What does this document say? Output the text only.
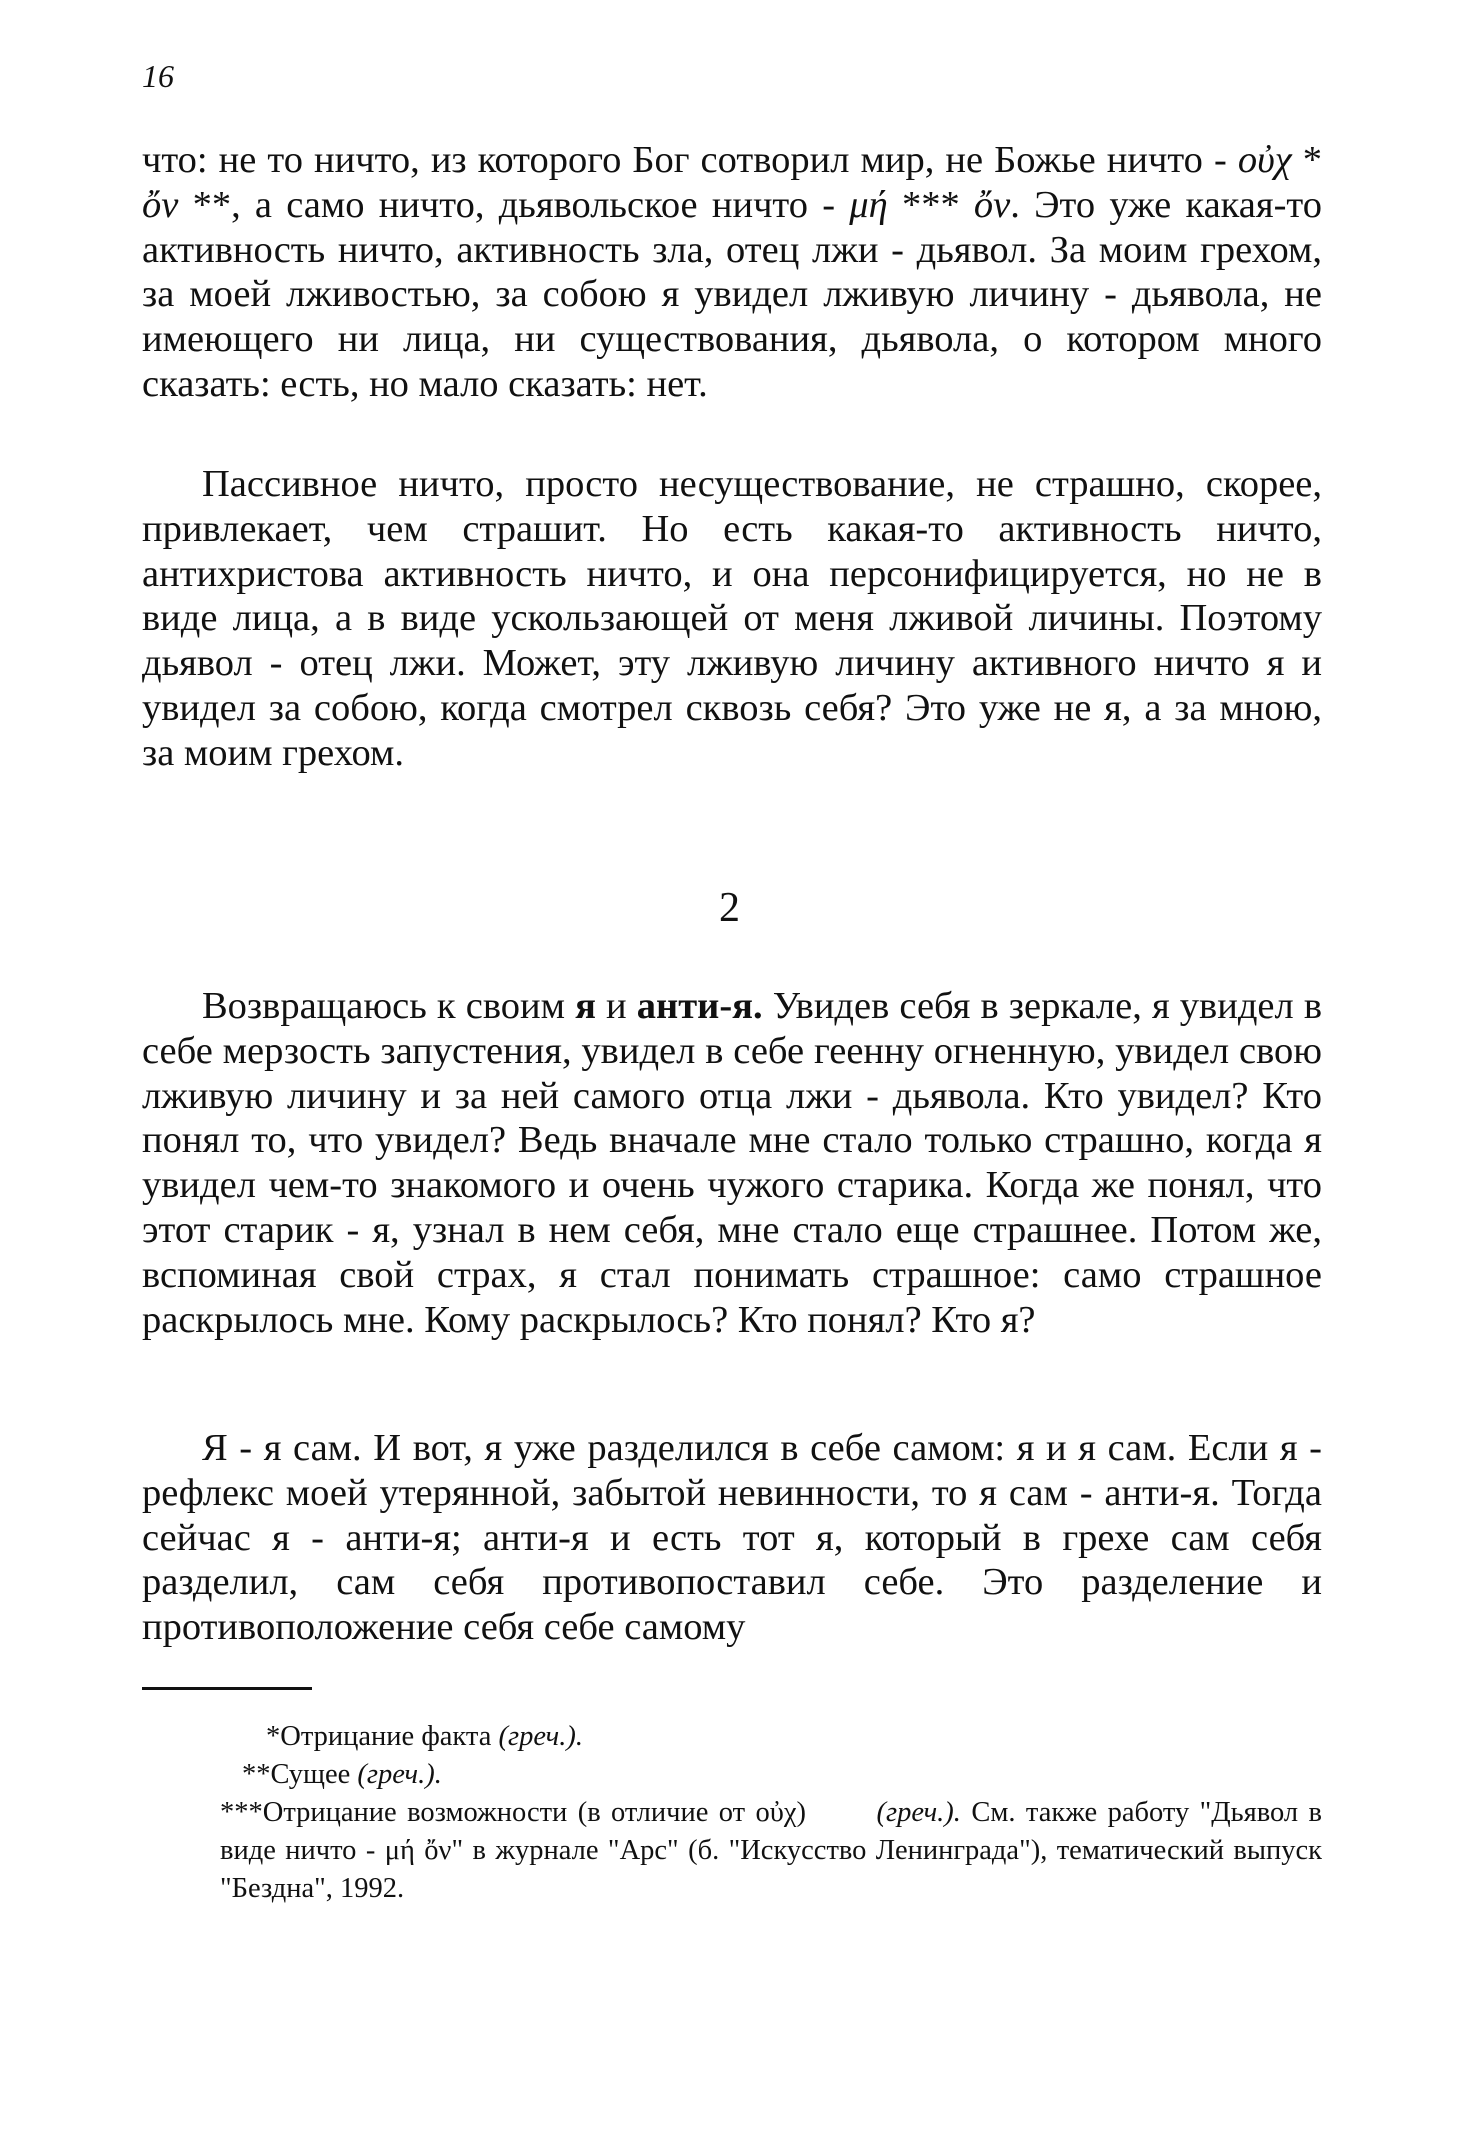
16

что: не то ничто, из которого Бог сотворил мир, не Божье ничто - οὐχ * ὄν **, а само ничто, дьявольское ничто - μή *** ὄν. Это уже какая-то активность ничто, активность зла, отец лжи - дьявол. За моим грехом, за моей лживостью, за собою я увидел лживую личину - дьявола, не имеющего ни лица, ни существования, дьявола, о котором много сказать: есть, но мало сказать: нет.

Пассивное ничто, просто несуществование, не страшно, скорее, привлекает, чем страшит. Но есть какая-то активность ничто, антихристова активность ничто, и она персонифицируется, но не в виде лица, а в виде ускользающей от меня лживой личины. Поэтому дьявол - отец лжи. Может, эту лживую личину активного ничто я и увидел за собою, когда смотрел сквозь себя? Это уже не я, а за мною, за моим грехом.

2

Возвращаюсь к своим я и анти-я. Увидев себя в зеркале, я увидел в себе мерзость запустения, увидел в себе геенну огненную, увидел свою лживую личину и за ней самого отца лжи - дьявола. Кто увидел? Кто понял то, что увидел? Ведь вначале мне стало только страшно, когда я увидел чем-то знакомого и очень чужого старика. Когда же понял, что этот старик - я, узнал в нем себя, мне стало еще страшнее. Потом же, вспоминая свой страх, я стал понимать страшное: само страшное раскрылось мне. Кому раскрылось? Кто понял? Кто я?

Я - я сам. И вот, я уже разделился в себе самом: я и я сам. Если я - рефлекс моей утерянной, забытой невинности, то я сам - анти-я. Тогда сейчас я - анти-я; анти-я и есть тот я, который в грехе сам себя разделил, сам себя противопоставил себе. Это разделение и противоположение себя себе самому

*Отрицание факта (греч.).

**Сущее (греч.).

***Отрицание возможности (в отличие от οὐχ) (греч.). См. также работу "Дьявол в виде ничто - μή ὄν" в журнале "Арс" (б. "Искусство Ленинграда"), тематический выпуск "Бездна", 1992.
